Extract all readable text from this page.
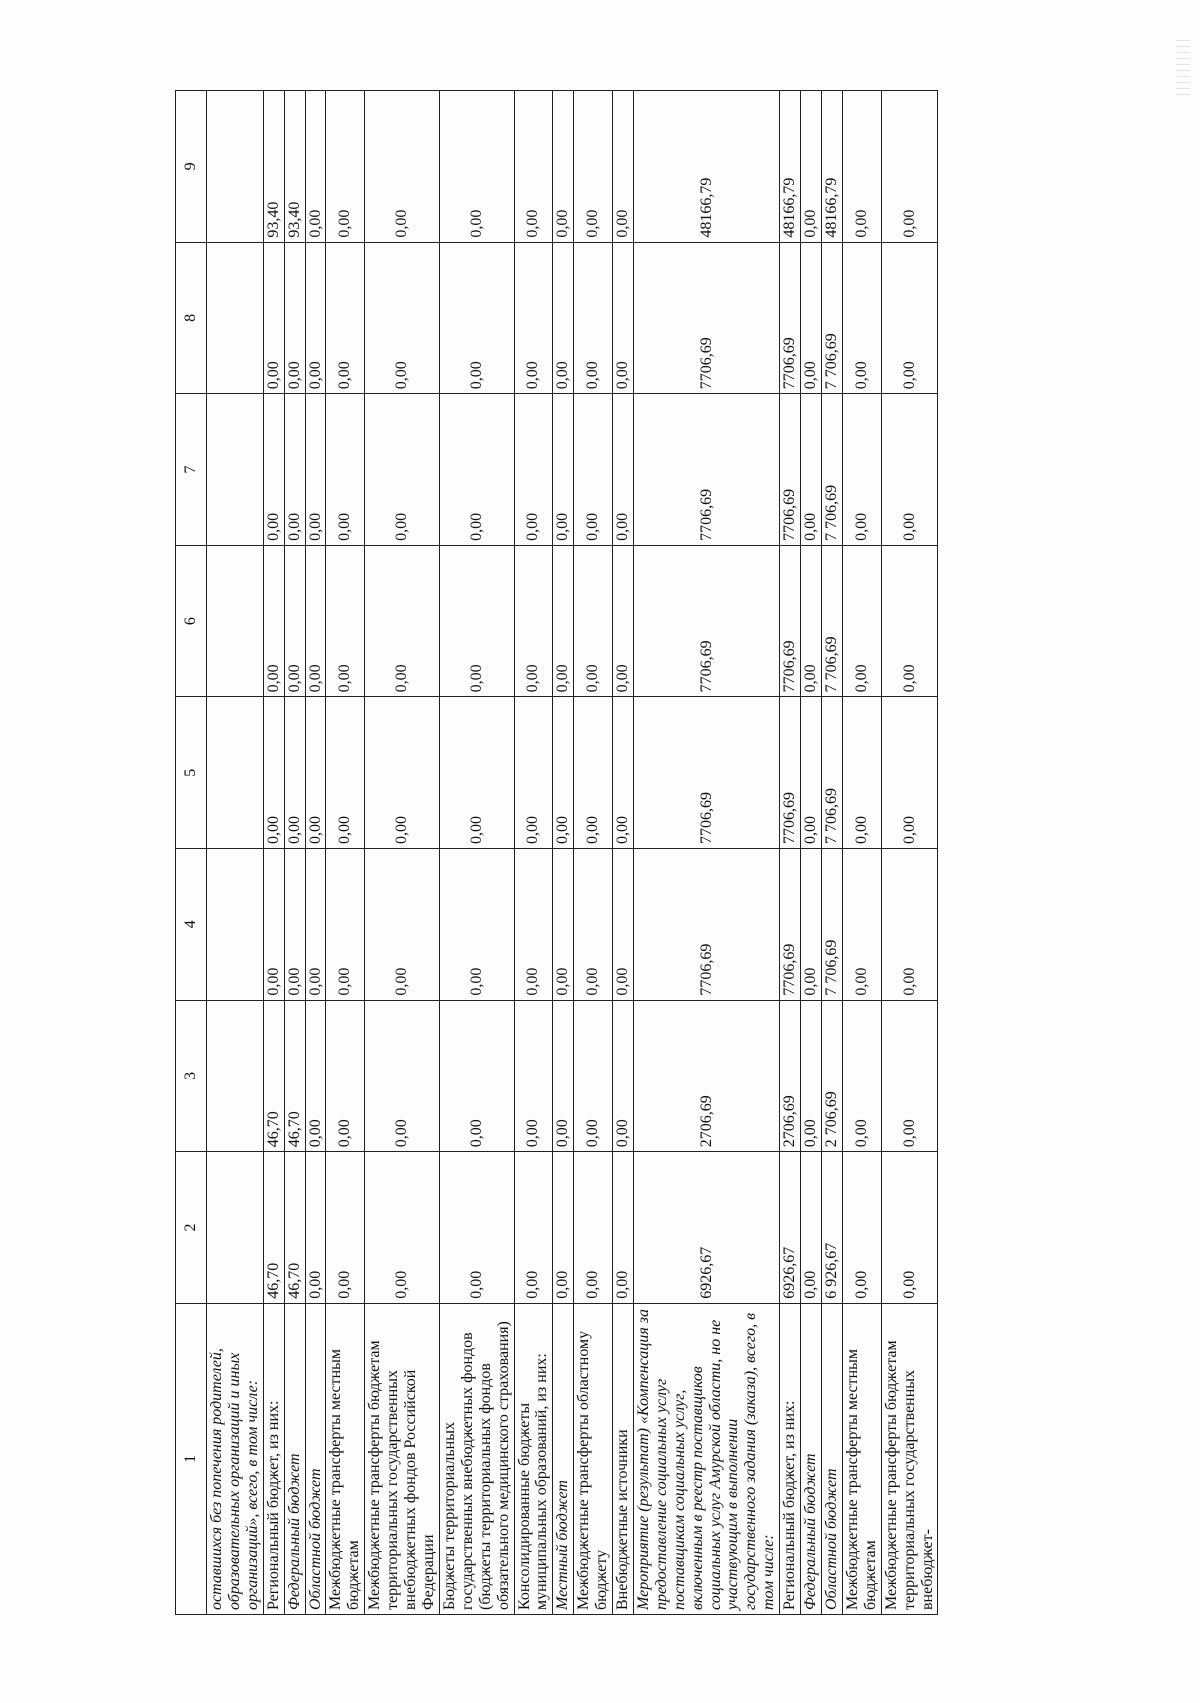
1	2	3	4	5	6	7	8	9
оставшихся без попечения родителей, образовательных организаций и иных организаций», всего, в том числе:								
Региональный бюджет, из них:	46,70	46,70	0,00	0,00	0,00	0,00	0,00	93,40
Федеральный бюджет	46,70	46,70	0,00	0,00	0,00	0,00	0,00	93,40
Областной бюджет	0,00	0,00	0,00	0,00	0,00	0,00	0,00	0,00
Межбюджетные трансферты местным бюджетам	0,00	0,00	0,00	0,00	0,00	0,00	0,00	0,00
Межбюджетные трансферты бюджетам территориальных государственных внебюджетных фондов Российской Федерации	0,00	0,00	0,00	0,00	0,00	0,00	0,00	0,00
Бюджеты территориальных государственных внебюджетных фондов (бюджеты территориальных фондов обязательного медицинского страхования)	0,00	0,00	0,00	0,00	0,00	0,00	0,00	0,00
Консолидированные бюджеты муниципальных образований, из них:	0,00	0,00	0,00	0,00	0,00	0,00	0,00	0,00
Местный бюджет	0,00	0,00	0,00	0,00	0,00	0,00	0,00	0,00
Межбюджетные трансферты областному бюджету	0,00	0,00	0,00	0,00	0,00	0,00	0,00	0,00
Внебюджетные источники	0,00	0,00	0,00	0,00	0,00	0,00	0,00	0,00
Мероприятие (результат) «Компенсация за предоставление социальных услуг поставщикам социальных услуг, включенным в реестр поставщиков социальных услуг Амурской области, но не участвующим в выполнении государственного задания (заказа), всего, в том числе:	6926,67	2706,69	7706,69	7706,69	7706,69	7706,69	7706,69	48166,79
Региональный бюджет, из них:	6926,67	2706,69	7706,69	7706,69	7706,69	7706,69	7706,69	48166,79
Федеральный бюджет	0,00	0,00	0,00	0,00	0,00	0,00	0,00	0,00
Областной бюджет	6 926,67	2 706,69	7 706,69	7 706,69	7 706,69	7 706,69	7 706,69	48166,79
Межбюджетные трансферты местным бюджетам	0,00	0,00	0,00	0,00	0,00	0,00	0,00	0,00
Межбюджетные трансферты бюджетам территориальных государственных внебюджет-	0,00	0,00	0,00	0,00	0,00	0,00	0,00	0,00
